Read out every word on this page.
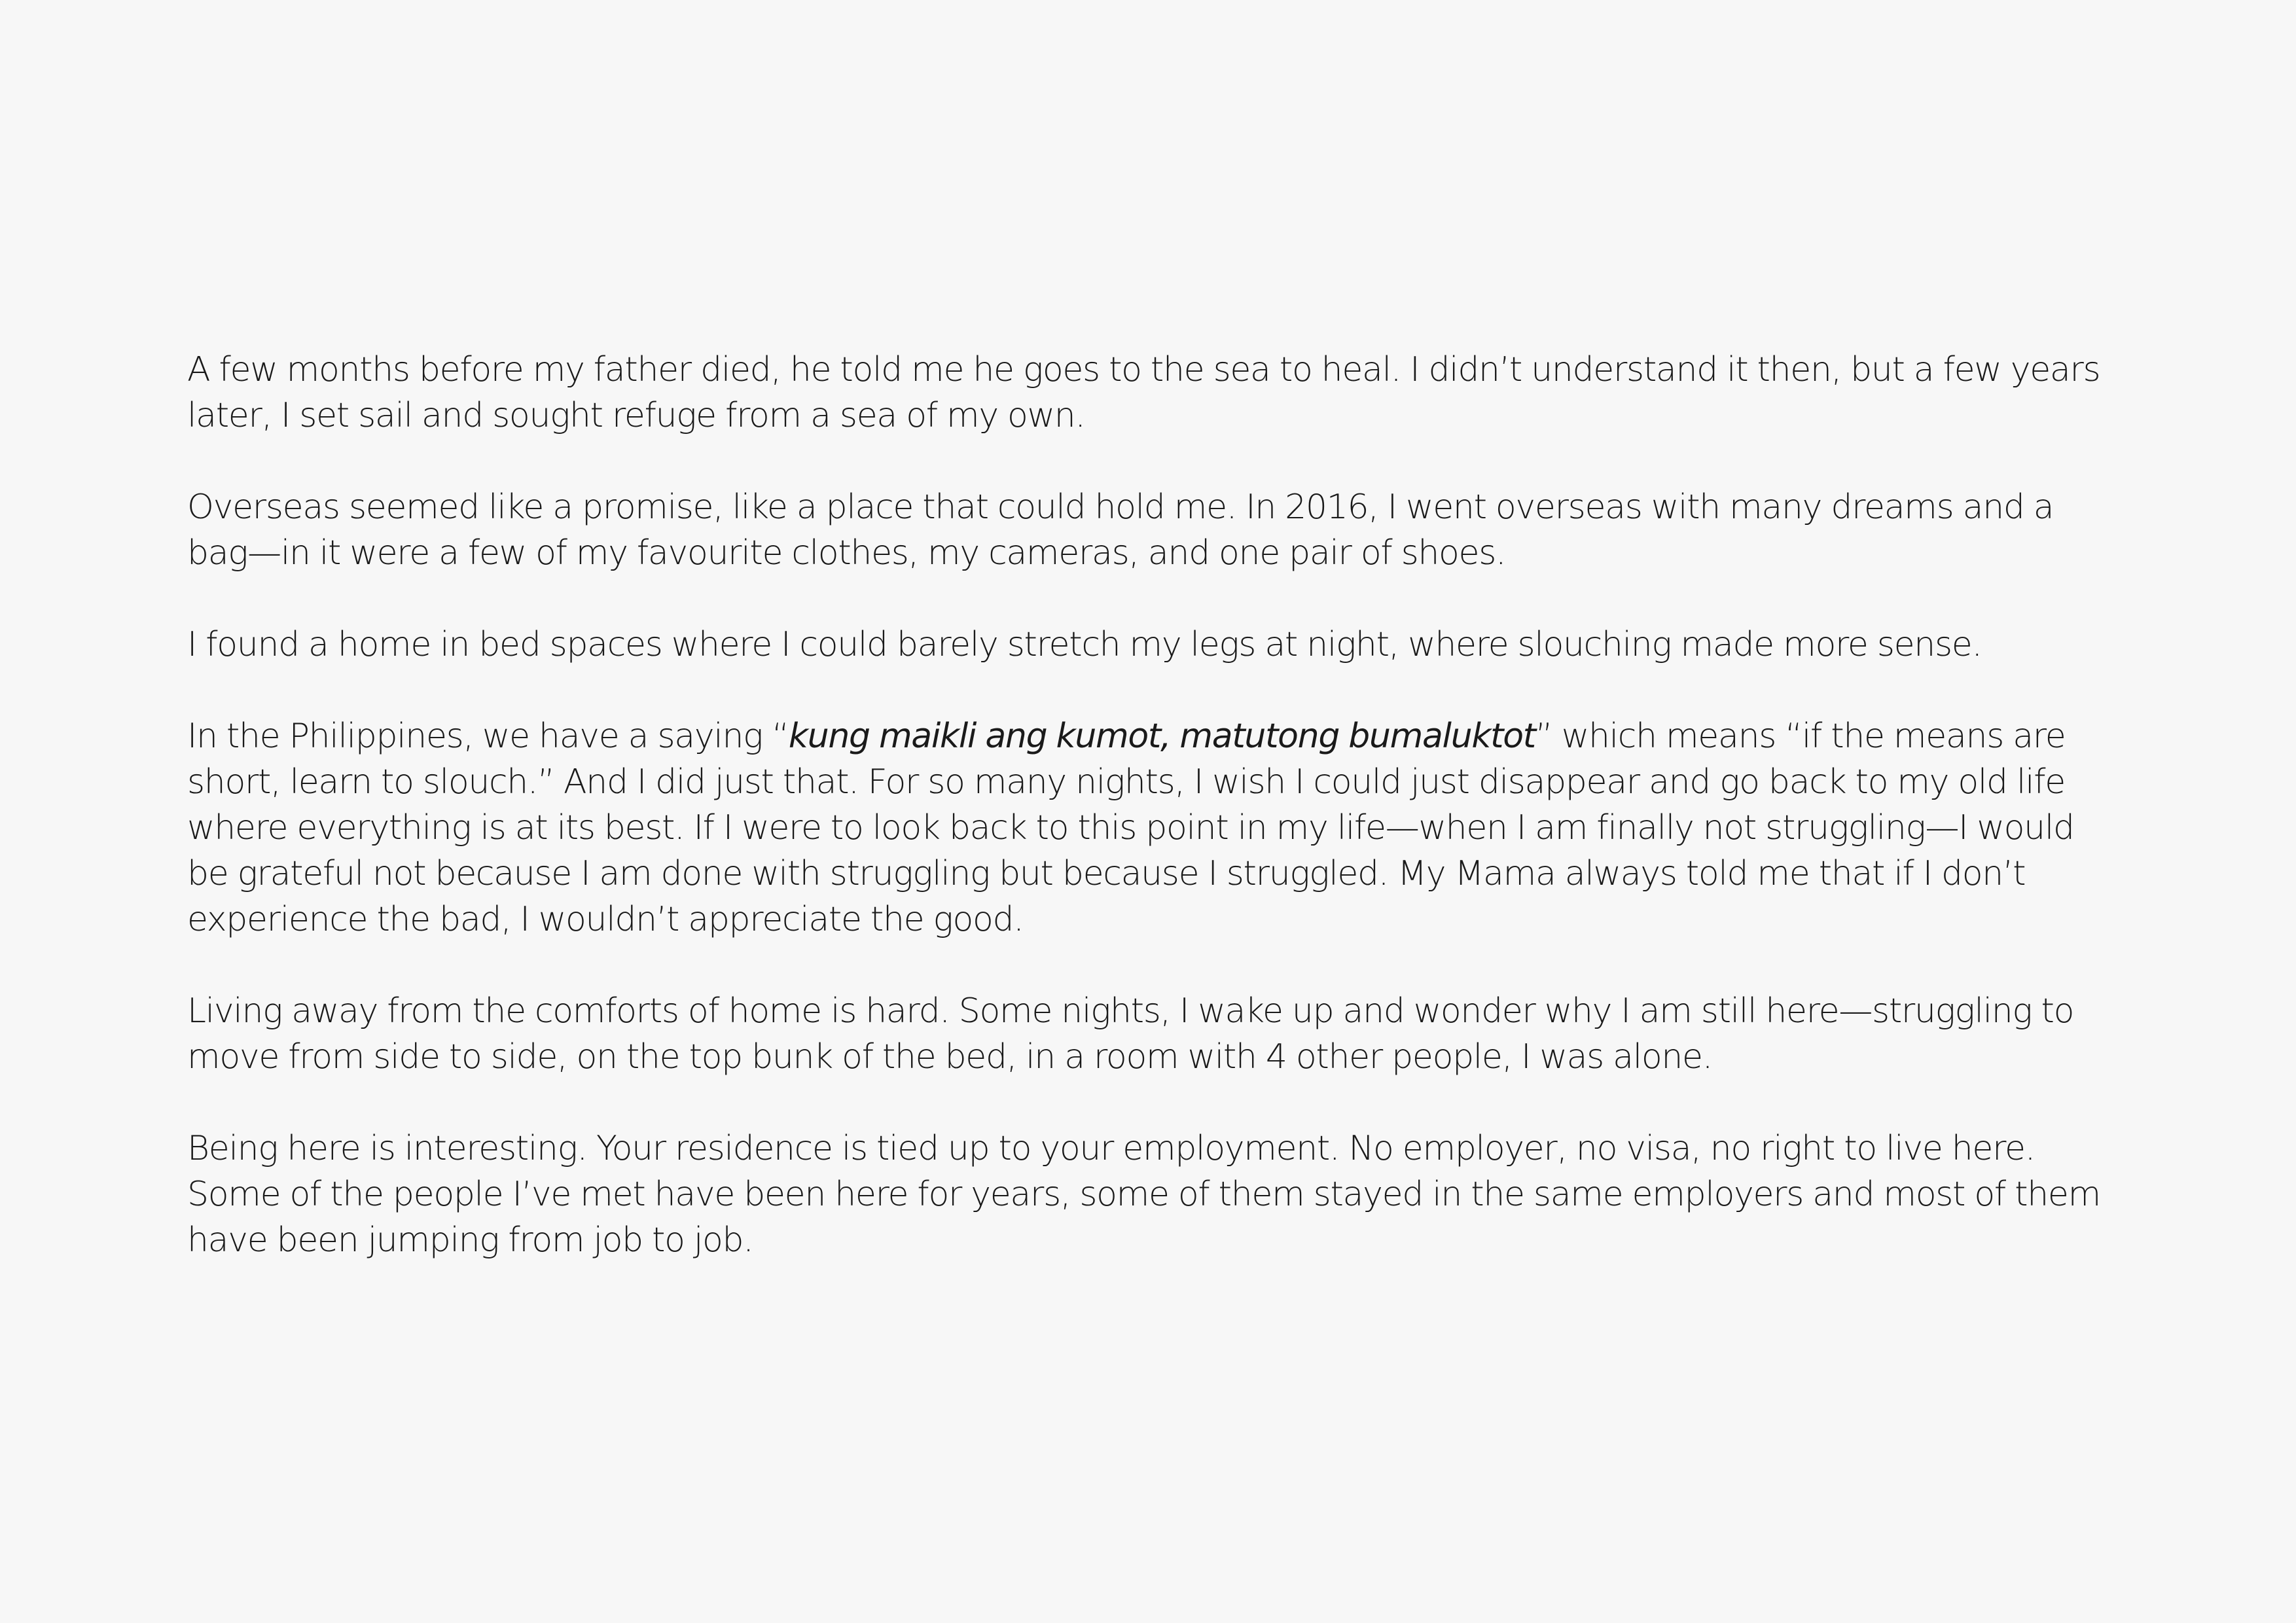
A few months before my father died, he told me he goes to the sea to heal. I didn’t understand it then, but a few years later, I set sail and sought refuge from a sea of my own.

Overseas seemed like a promise, like a place that could hold me. In 2016, I went overseas with many dreams and a bag—in it were a few of my favourite clothes, my cameras, and one pair of shoes.

I found a home in bed spaces where I could barely stretch my legs at night, where slouching made more sense.

In the Philippines, we have a saying “kung maikli ang kumot, matutong bumaluktot” which means “if the means are short, learn to slouch.” And I did just that. For so many nights, I wish I could just disappear and go back to my old life where everything is at its best. If I were to look back to this point in my life—when I am finally not struggling—I would be grateful not because I am done with struggling but because I struggled. My Mama always told me that if I don’t experience the bad, I wouldn’t appreciate the good.

Living away from the comforts of home is hard. Some nights, I wake up and wonder why I am still here—struggling to move from side to side, on the top bunk of the bed, in a room with 4 other people, I was alone.

Being here is interesting. Your residence is tied up to your employment. No employer, no visa, no right to live here. Some of the people I’ve met have been here for years, some of them stayed in the same employers and most of them have been jumping from job to job.
